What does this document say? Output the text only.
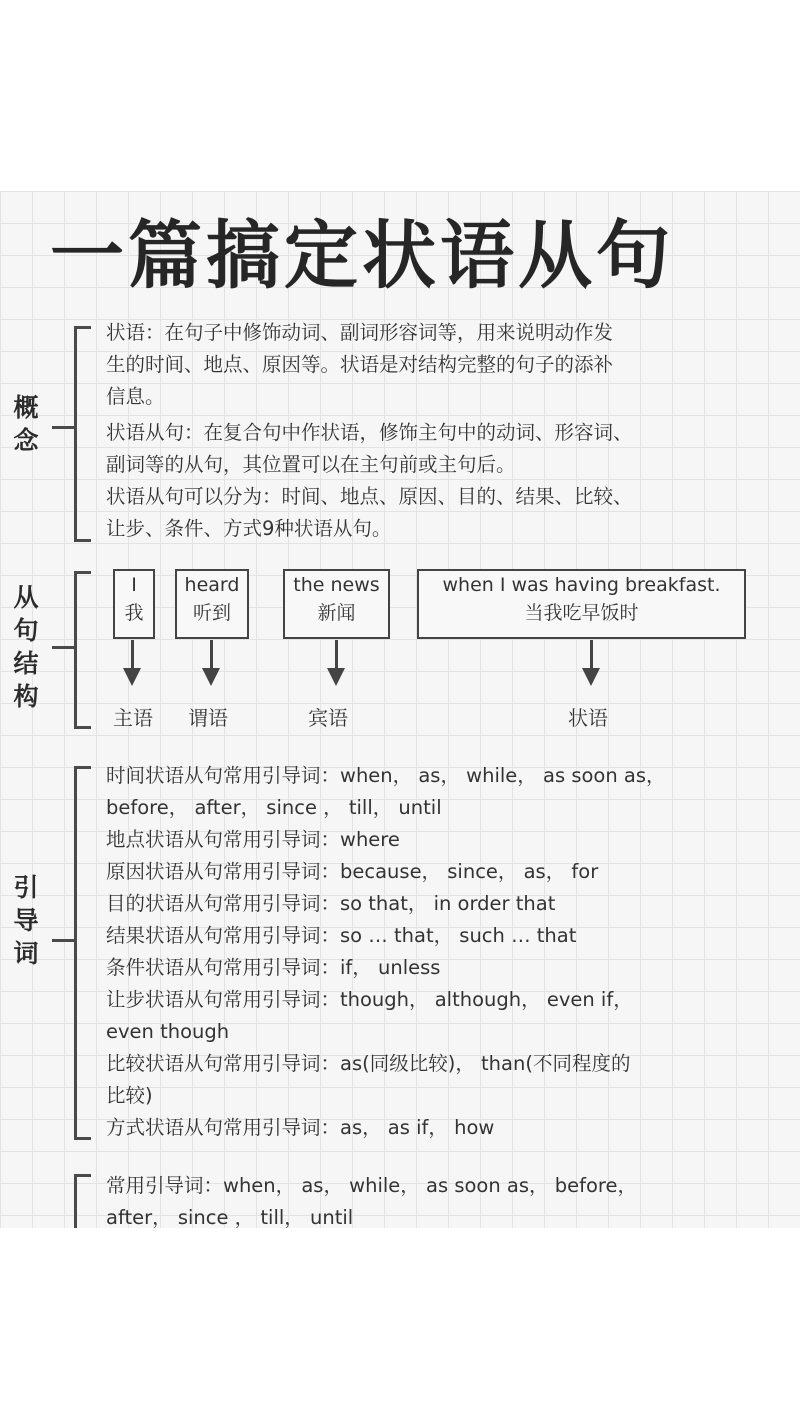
一篇搞定状语从句
概
念
状语：在句子中修饰动词、副词形容词等，用来说明动作发
生的时间、地点、原因等。状语是对结构完整的句子的添补
信息。
状语从句：在复合句中作状语，修饰主句中的动词、形容词、
副词等的从句，其位置可以在主句前或主句后。
状语从句可以分为：时间、地点、原因、目的、结果、比较、
让步、条件、方式9种状语从句。
从
句
结
构
I
我
heard
听到
the news
新闻
when I was having breakfast.
当我吃早饭时
主语 谓语	宾语	状语
引
导
词
时间状语从句常用引导词：when， as， while， as soon as，
before， after， since ， till， until
地点状语从句常用引导词：where
原因状语从句常用引导词：because， since， as， for
目的状语从句常用引导词：so that， in order that
结果状语从句常用引导词：so … that， such … that
条件状语从句常用引导词：if， unless
让步状语从句常用引导词：though， although， even if，
even though
比较状语从句常用引导词：as(同级比较)， than(不同程度的
比较)
方式状语从句常用引导词：as， as if， how
常用引导词：when， as， while， as soon as， before，
after， since ， till， until
